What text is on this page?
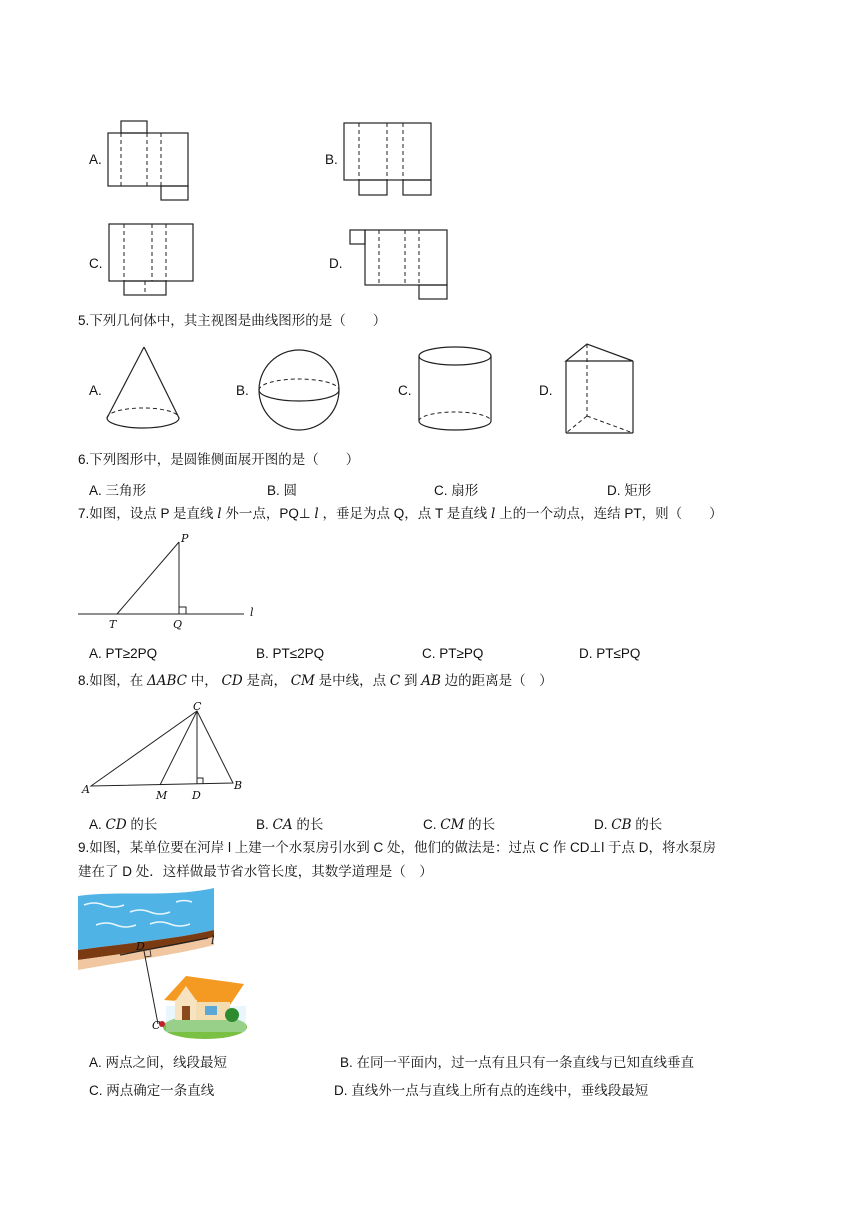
A.	B.
C.	D.
5.下列几何体中，其主视图是曲线图形的是（　　）
A.	B.	C.	D.
6.下列图形中，是圆锥侧面展开图的是（　　）
A. 三角形	B. 圆	C. 扇形	D. 矩形
7.如图，设点 P 是直线 l 外一点，PQ⊥ l ，垂足为点 Q，点 T 是直线 l 上的一个动点，连结 PT，则（　　）
P
Q
T
l
A. PT≥2PQ	B. PT≤2PQ	C. PT≥PQ	D. PT≤PQ
8.如图，在 ΔABC 中， CD 是高， CM 是中线，点 C 到 AB 边的距离是（　）
C
A	M D
B
A. CD 的长	B. CA 的长	C. CM 的长	D. CB 的长
9.如图，某单位要在河岸 l 上建一个水泵房引水到 C 处，他们的做法是：过点 C 作 CD⊥l 于点 D，将水泵房
建在了 D 处．这样做最节省水管长度，其数学道理是（　）
D
C
l
A. 两点之间，线段最短	B. 在同一平面内，过一点有且只有一条直线与已知直线垂直
C. 两点确定一条直线	D. 直线外一点与直线上所有点的连线中，垂线段最短
